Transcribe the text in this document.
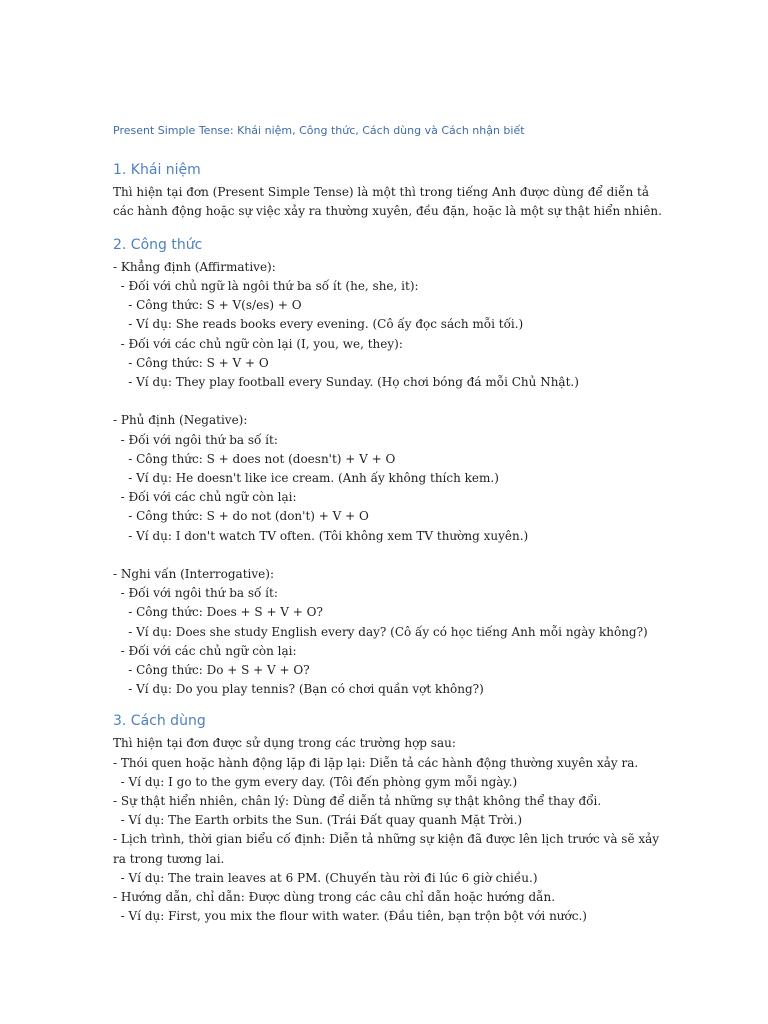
Present Simple Tense: Khái niệm, Công thức, Cách dùng và Cách nhận biết
1. Khái niệm

Thì hiện tại đơn (Present Simple Tense) là một thì trong tiếng Anh được dùng để diễn tả

các hành động hoặc sự việc xảy ra thường xuyên, đều đặn, hoặc là một sự thật hiển nhiên.

2. Công thức
- Khẳng định (Affirmative):
- Đối với chủ ngữ là ngôi thứ ba số ít (he, she, it):
- Công thức: S + V(s/es) + O
- Ví dụ: She reads books every evening. (Cô ấy đọc sách mỗi tối.)
- Đối với các chủ ngữ còn lại (I, you, we, they):
- Công thức: S + V + O
- Ví dụ: They play football every Sunday. (Họ chơi bóng đá mỗi Chủ Nhật.)
- Phủ định (Negative):
- Đối với ngôi thứ ba số ít:
- Công thức: S + does not (doesn't) + V + O
- Ví dụ: He doesn't like ice cream. (Anh ấy không thích kem.)
- Đối với các chủ ngữ còn lại:
- Công thức: S + do not (don't) + V + O
- Ví dụ: I don't watch TV often. (Tôi không xem TV thường xuyên.)
- Nghi vấn (Interrogative):
- Đối với ngôi thứ ba số ít:
- Công thức: Does + S + V + O?
- Ví dụ: Does she study English every day? (Cô ấy có học tiếng Anh mỗi ngày không?)
- Đối với các chủ ngữ còn lại:
- Công thức: Do + S + V + O?
- Ví dụ: Do you play tennis? (Bạn có chơi quần vợt không?)
3. Cách dùng
Thì hiện tại đơn được sử dụng trong các trường hợp sau:
- Thói quen hoặc hành động lặp đi lặp lại: Diễn tả các hành động thường xuyên xảy ra.
- Ví dụ: I go to the gym every day. (Tôi đến phòng gym mỗi ngày.)
- Sự thật hiển nhiên, chân lý: Dùng để diễn tả những sự thật không thể thay đổi.
- Ví dụ: The Earth orbits the Sun. (Trái Đất quay quanh Mặt Trời.)
- Lịch trình, thời gian biểu cố định: Diễn tả những sự kiện đã được lên lịch trước và sẽ xảy
ra trong tương lai.
- Ví dụ: The train leaves at 6 PM. (Chuyến tàu rời đi lúc 6 giờ chiều.)
- Hướng dẫn, chỉ dẫn: Được dùng trong các câu chỉ dẫn hoặc hướng dẫn.
- Ví dụ: First, you mix the flour with water. (Đầu tiên, bạn trộn bột với nước.)
